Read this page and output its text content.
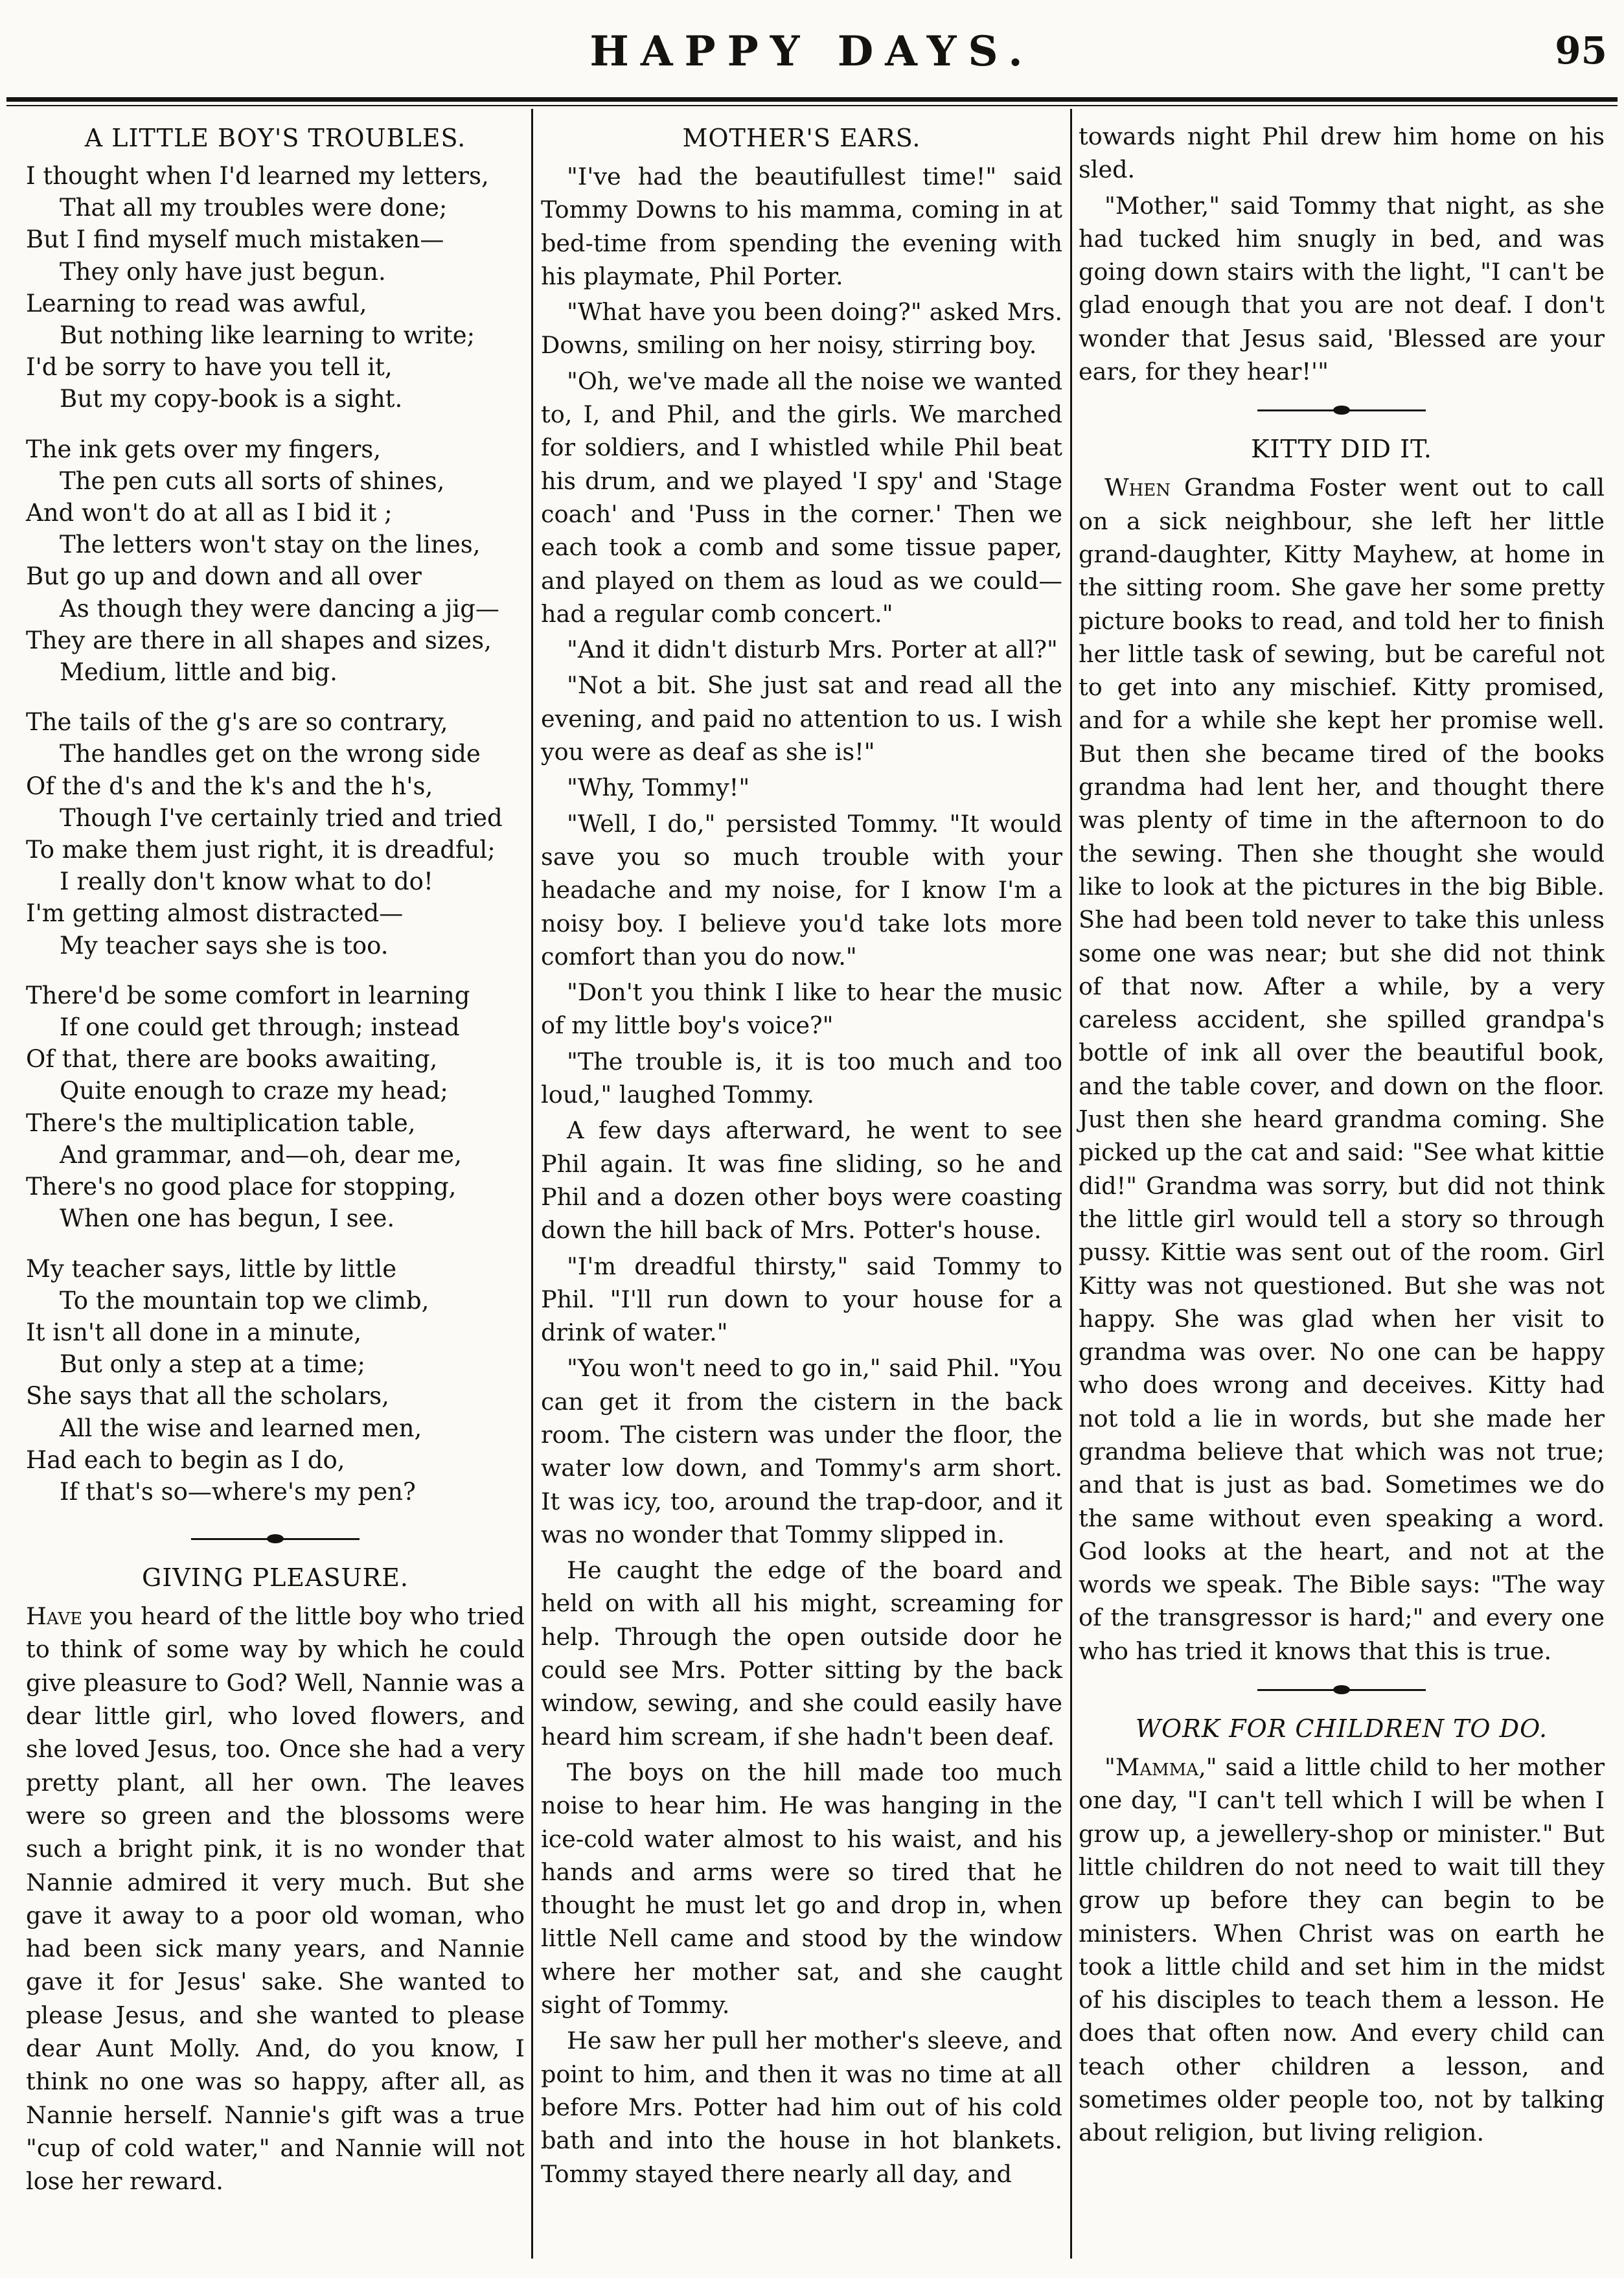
HAPPY DAYS.	95
A LITTLE BOY'S TROUBLES.
I thought when I'd learned my letters,
That all my troubles were done;
But I find myself much mistaken—
They only have just begun.
Learning to read was awful,
But nothing like learning to write;
I'd be sorry to have you tell it,
But my copy-book is a sight.
The ink gets over my fingers,
The pen cuts all sorts of shines,
And won't do at all as I bid it ;
The letters won't stay on the lines,
But go up and down and all over
As though they were dancing a jig—
They are there in all shapes and sizes,
Medium, little and big.
The tails of the g's are so contrary,
The handles get on the wrong side
Of the d's and the k's and the h's,
Though I've certainly tried and tried
To make them just right, it is dreadful;
I really don't know what to do!
I'm getting almost distracted—
My teacher says she is too.
There'd be some comfort in learning
If one could get through; instead
Of that, there are books awaiting,
Quite enough to craze my head;
There's the multiplication table,
And grammar, and—oh, dear me,
There's no good place for stopping,
When one has begun, I see.
My teacher says, little by little
To the mountain top we climb,
It isn't all done in a minute,
But only a step at a time;
She says that all the scholars,
All the wise and learned men,
Had each to begin as I do,
If that's so—where's my pen?
GIVING PLEASURE.

Have you heard of the little boy who tried to think of some way by which he could give pleasure to God? Well, Nannie was a dear little girl, who loved flowers, and she loved Jesus, too. Once she had a very pretty plant, all her own. The leaves were so green and the blossoms were such a bright pink, it is no wonder that Nannie admired it very much. But she gave it away to a poor old woman, who had been sick many years, and Nannie gave it for Jesus' sake. She wanted to please Jesus, and she wanted to please dear Aunt Molly. And, do you know, I think no one was so happy, after all, as Nannie herself. Nannie's gift was a true "cup of cold water," and Nannie will not lose her reward.

MOTHER'S EARS.

"I've had the beautifullest time!" said Tommy Downs to his mamma, coming in at bed-time from spending the evening with his playmate, Phil Porter.

"What have you been doing?" asked Mrs. Downs, smiling on her noisy, stirring boy.

"Oh, we've made all the noise we wanted to, I, and Phil, and the girls. We marched for soldiers, and I whistled while Phil beat his drum, and we played 'I spy' and 'Stage coach' and 'Puss in the corner.' Then we each took a comb and some tissue paper, and played on them as loud as we could—had a regular comb concert."

"And it didn't disturb Mrs. Porter at all?"

"Not a bit. She just sat and read all the evening, and paid no attention to us. I wish you were as deaf as she is!"

"Why, Tommy!"

"Well, I do," persisted Tommy. "It would save you so much trouble with your headache and my noise, for I know I'm a noisy boy. I believe you'd take lots more comfort than you do now."

"Don't you think I like to hear the music of my little boy's voice?"

"The trouble is, it is too much and too loud," laughed Tommy.

A few days afterward, he went to see Phil again. It was fine sliding, so he and Phil and a dozen other boys were coasting down the hill back of Mrs. Potter's house.

"I'm dreadful thirsty," said Tommy to Phil. "I'll run down to your house for a drink of water."

"You won't need to go in," said Phil. "You can get it from the cistern in the back room. The cistern was under the floor, the water low down, and Tommy's arm short. It was icy, too, around the trap-door, and it was no wonder that Tommy slipped in.

He caught the edge of the board and held on with all his might, screaming for help. Through the open outside door he could see Mrs. Potter sitting by the back window, sewing, and she could easily have heard him scream, if she hadn't been deaf.

The boys on the hill made too much noise to hear him. He was hanging in the ice-cold water almost to his waist, and his hands and arms were so tired that he thought he must let go and drop in, when little Nell came and stood by the window where her mother sat, and she caught sight of Tommy.

He saw her pull her mother's sleeve, and point to him, and then it was no time at all before Mrs. Potter had him out of his cold bath and into the house in hot blankets. Tommy stayed there nearly all day, and

towards night Phil drew him home on his sled.

"Mother," said Tommy that night, as she had tucked him snugly in bed, and was going down stairs with the light, "I can't be glad enough that you are not deaf. I don't wonder that Jesus said, 'Blessed are your ears, for they hear!'"

KITTY DID IT.

When Grandma Foster went out to call on a sick neighbour, she left her little grand-daughter, Kitty Mayhew, at home in the sitting room. She gave her some pretty picture books to read, and told her to finish her little task of sewing, but be careful not to get into any mischief. Kitty promised, and for a while she kept her promise well. But then she became tired of the books grandma had lent her, and thought there was plenty of time in the afternoon to do the sewing. Then she thought she would like to look at the pictures in the big Bible. She had been told never to take this unless some one was near; but she did not think of that now. After a while, by a very careless accident, she spilled grandpa's bottle of ink all over the beautiful book, and the table cover, and down on the floor. Just then she heard grandma coming. She picked up the cat and said: "See what kittie did!" Grandma was sorry, but did not think the little girl would tell a story so through pussy. Kittie was sent out of the room. Girl Kitty was not questioned. But she was not happy. She was glad when her visit to grandma was over. No one can be happy who does wrong and deceives. Kitty had not told a lie in words, but she made her grandma believe that which was not true; and that is just as bad. Sometimes we do the same without even speaking a word. God looks at the heart, and not at the words we speak. The Bible says: "The way of the transgressor is hard;" and every one who has tried it knows that this is true.

WORK FOR CHILDREN TO DO.

"Mamma," said a little child to her mother one day, "I can't tell which I will be when I grow up, a jewellery-shop or minister." But little children do not need to wait till they grow up before they can begin to be ministers. When Christ was on earth he took a little child and set him in the midst of his disciples to teach them a lesson. He does that often now. And every child can teach other children a lesson, and sometimes older people too, not by talking about religion, but living religion.
